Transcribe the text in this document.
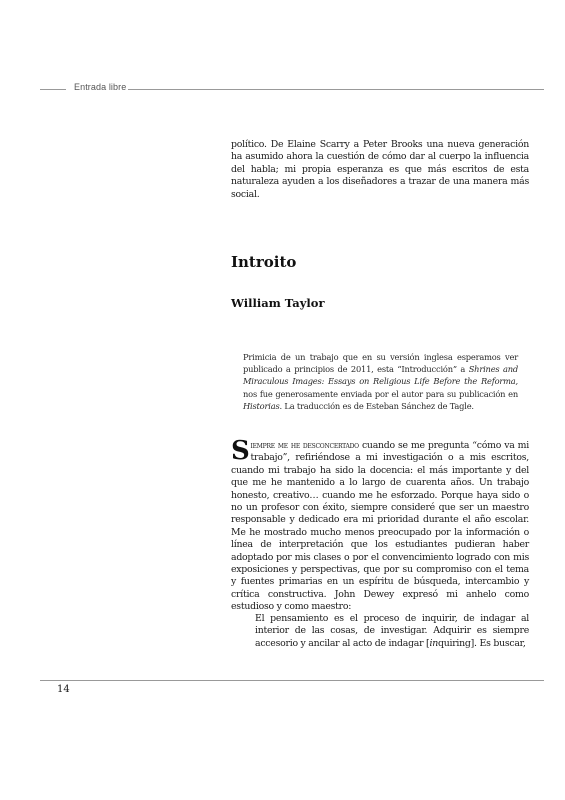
Entrada libre

político. De Elaine Scarry a Peter Brooks una nueva generación ha asumido ahora la cuestión de cómo dar al cuerpo la influencia del habla; mi propia esperanza es que más escritos de esta naturaleza ayuden a los diseñadores a trazar de una manera más social.

Introito
William Taylor

Primicia de un trabajo que en su versión inglesa esperamos ver publicado a principios de 2011, esta “Introducción” a Shrines and Miraculous Images: Essays on Religious Life Before the Reforma, nos fue generosamente enviada por el autor para su publicación en Historias. La traducción es de Esteban Sánchez de Tagle.

Siempre me he desconcertado cuando se me pregunta “cómo va mi trabajo”, refiriéndose a mi investigación o a mis escritos, cuando mi trabajo ha sido la docencia: el más importante y del que me he mantenido a lo largo de cuarenta años. Un trabajo honesto, creativo… cuando me he esforzado. Porque haya sido o no un profesor con éxito, siempre consideré que ser un maestro responsable y dedicado era mi prioridad durante el año escolar. Me he mostrado mucho menos preocupado por la información o línea de interpretación que los estudiantes pudieran haber adoptado por mis clases o por el convencimiento logrado con mis exposiciones y perspectivas, que por su compromiso con el tema y fuentes primarias en un espíritu de búsqueda, intercambio y crítica constructiva. John Dewey expresó mi anhelo como estudioso y como maestro:

El pensamiento es el proceso de inquirir, de indagar al interior de las cosas, de investigar. Adquirir es siempre accesorio y ancilar al acto de indagar [inquiring]. Es buscar,

14
